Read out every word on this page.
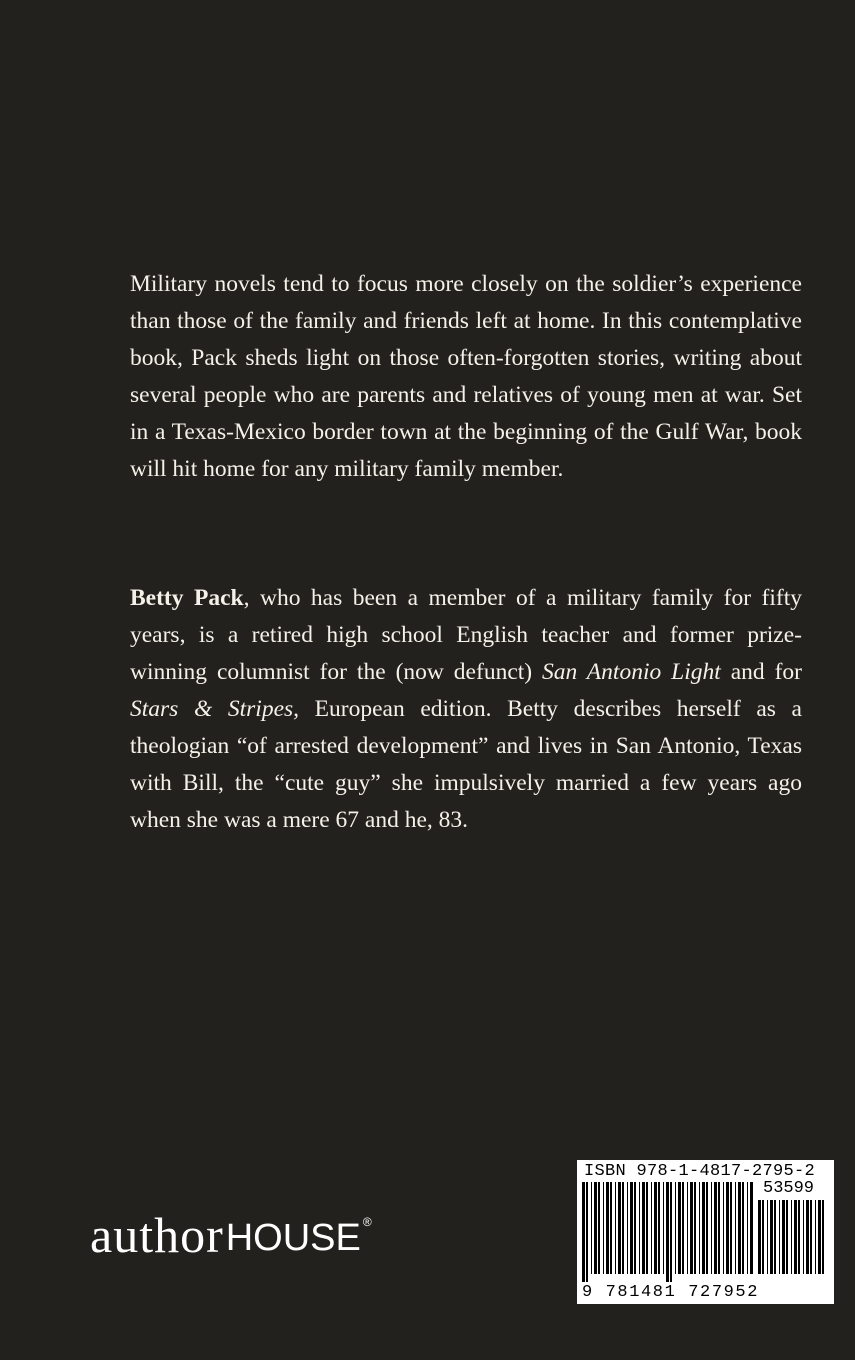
Military novels tend to focus more closely on the soldier’s experience than those of the family and friends left at home. In this contemplative book, Pack sheds light on those often-forgotten stories, writing about several people who are parents and relatives of young men at war. Set in a Texas-Mexico border town at the beginning of the Gulf War, book will hit home for any military family member.

Betty Pack, who has been a member of a military family for fifty years, is a retired high school English teacher and former prize-winning columnist for the (now defunct) San Antonio Light and for Stars & Stripes, European edition. Betty describes herself as a theologian “of arrested development” and lives in San Antonio, Texas with Bill, the “cute guy” she impulsively married a few years ago when she was a mere 67 and he, 83.

author HOUSE ®
ISBN 978-1-4817-2795-2
53599
9 781481 727952
